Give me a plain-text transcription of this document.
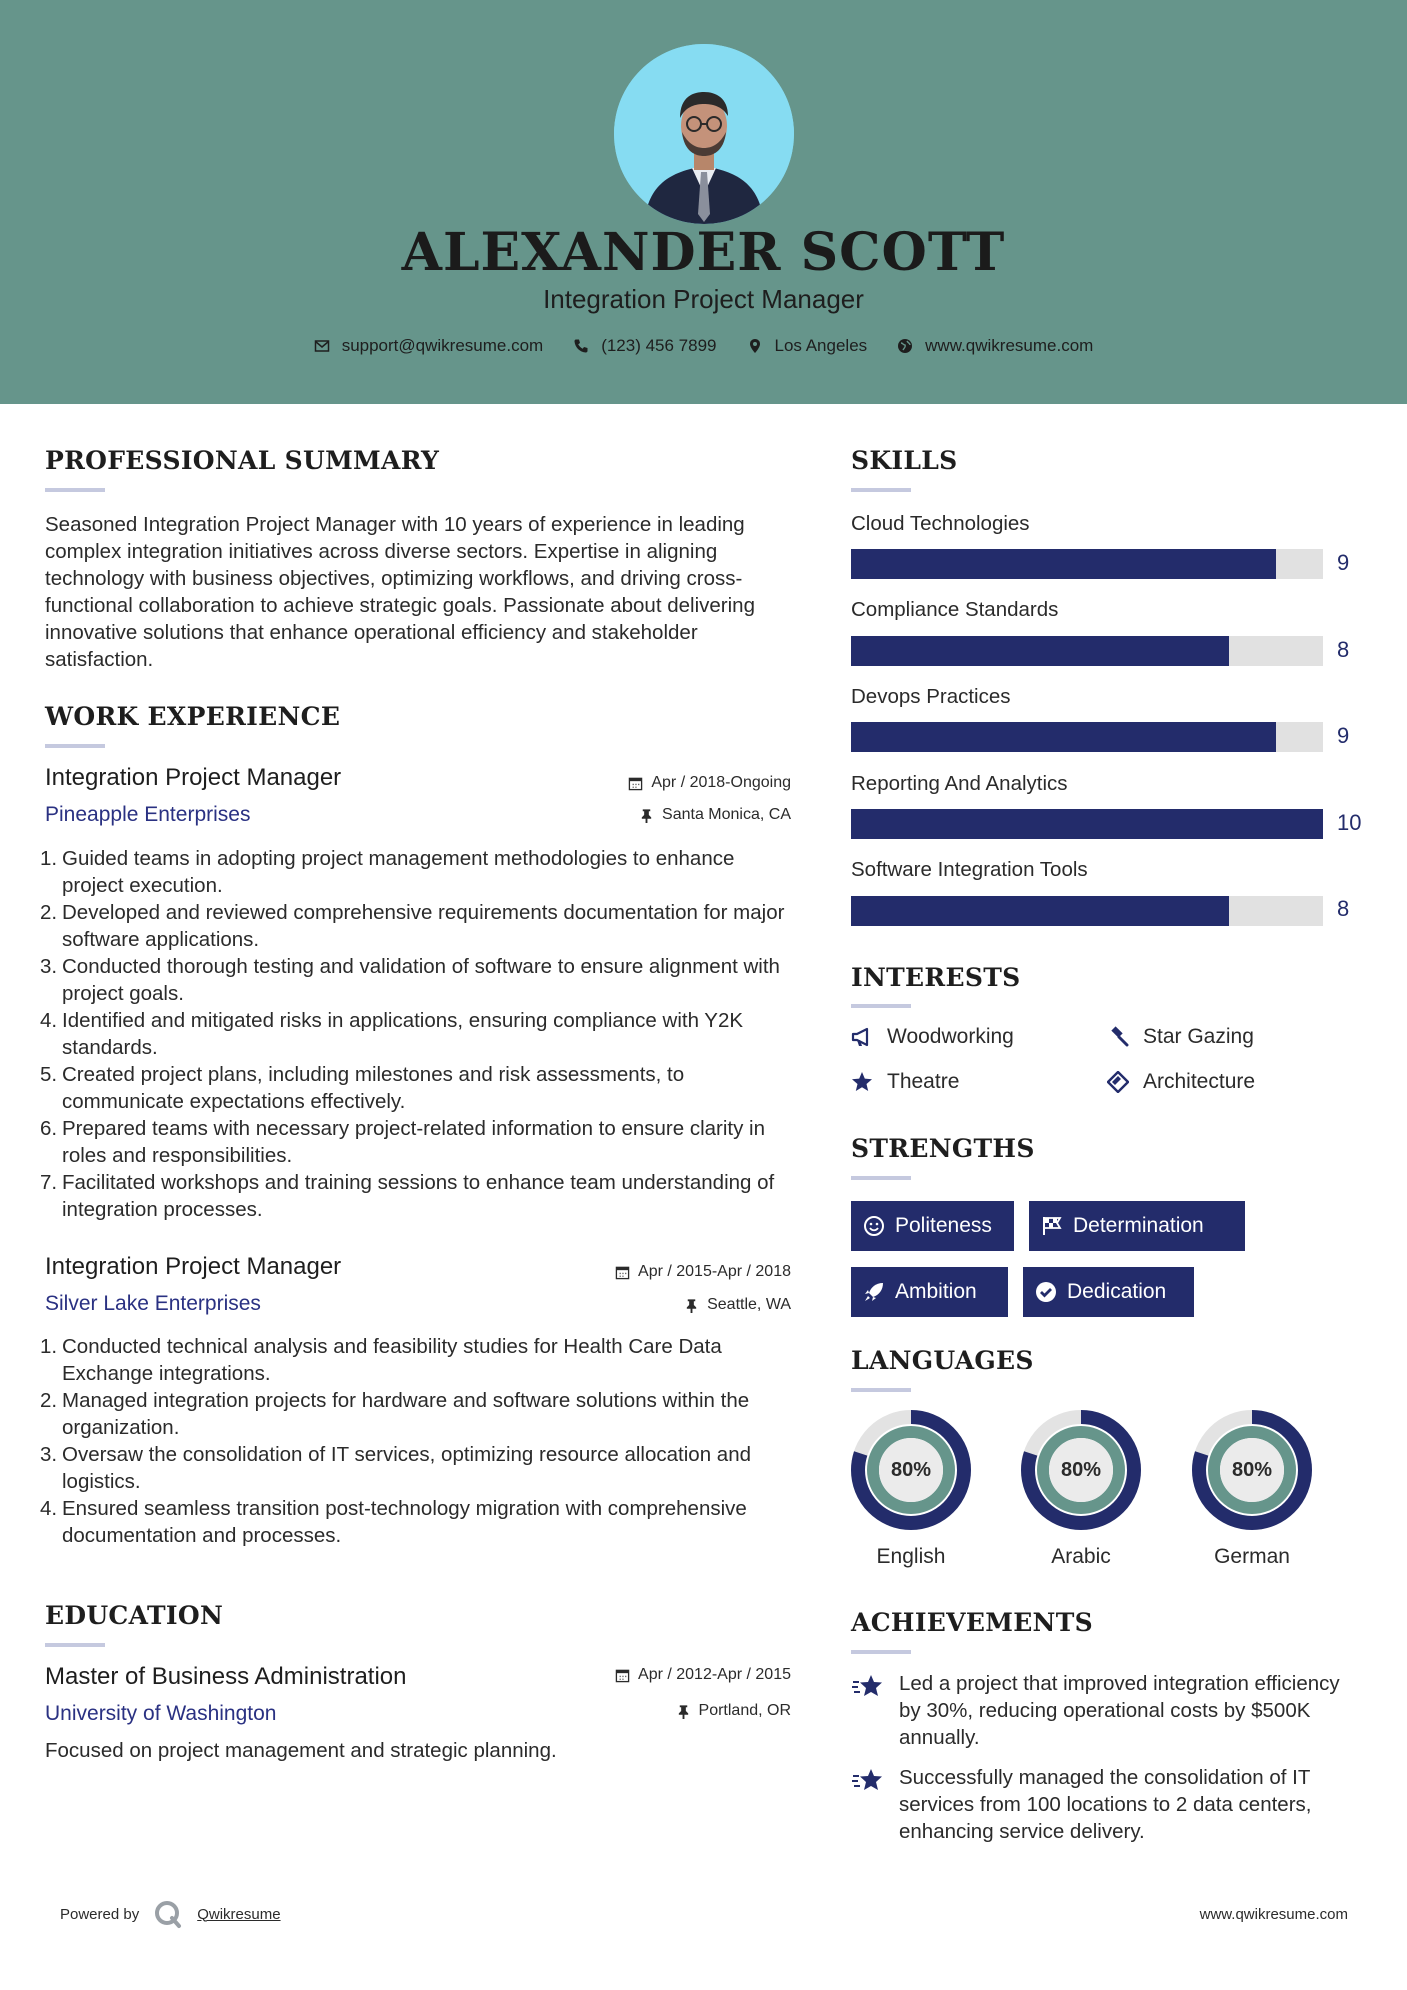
ALEXANDER SCOTT
Integration Project Manager
support@qwikresume.com	(123) 456 7899	Los Angeles	www.qwikresume.com
PROFESSIONAL SUMMARY
Seasoned Integration Project Manager with 10 years of experience in leading complex integration initiatives across diverse sectors. Expertise in aligning technology with business objectives, optimizing workflows, and driving cross-functional collaboration to achieve strategic goals. Passionate about delivering innovative solutions that enhance operational efficiency and stakeholder satisfaction.
WORK EXPERIENCE
Integration Project Manager
Pineapple Enterprises
Apr / 2018-Ongoing
Santa Monica, CA
1. Guided teams in adopting project management methodologies to enhance project execution.
2. Developed and reviewed comprehensive requirements documentation for major software applications.
3. Conducted thorough testing and validation of software to ensure alignment with project goals.
4. Identified and mitigated risks in applications, ensuring compliance with Y2K standards.
5. Created project plans, including milestones and risk assessments, to communicate expectations effectively.
6. Prepared teams with necessary project-related information to ensure clarity in roles and responsibilities.
7. Facilitated workshops and training sessions to enhance team understanding of integration processes.
Integration Project Manager
Silver Lake Enterprises
Apr / 2015-Apr / 2018
Seattle, WA
1. Conducted technical analysis and feasibility studies for Health Care Data Exchange integrations.
2. Managed integration projects for hardware and software solutions within the organization.
3. Oversaw the consolidation of IT services, optimizing resource allocation and logistics.
4. Ensured seamless transition post-technology migration with comprehensive documentation and processes.
EDUCATION
Master of Business Administration
University of Washington
Apr / 2012-Apr / 2015
Portland, OR
Focused on project management and strategic planning.
SKILLS
Cloud Technologies
9
Compliance Standards
8
Devops Practices
9
Reporting And Analytics
10
Software Integration Tools
8
INTERESTS
Woodworking	Star Gazing
Theatre	Architecture
STRENGTHS
Politeness	Determination
Ambition	Dedication
LANGUAGES
80%
English
80%
Arabic
80%
German
ACHIEVEMENTS
Led a project that improved integration efficiency by 30%, reducing operational costs by $500K annually.
Successfully managed the consolidation of IT services from 100 locations to 2 data centers, enhancing service delivery.
Powered by	Qwikresume	www.qwikresume.com
